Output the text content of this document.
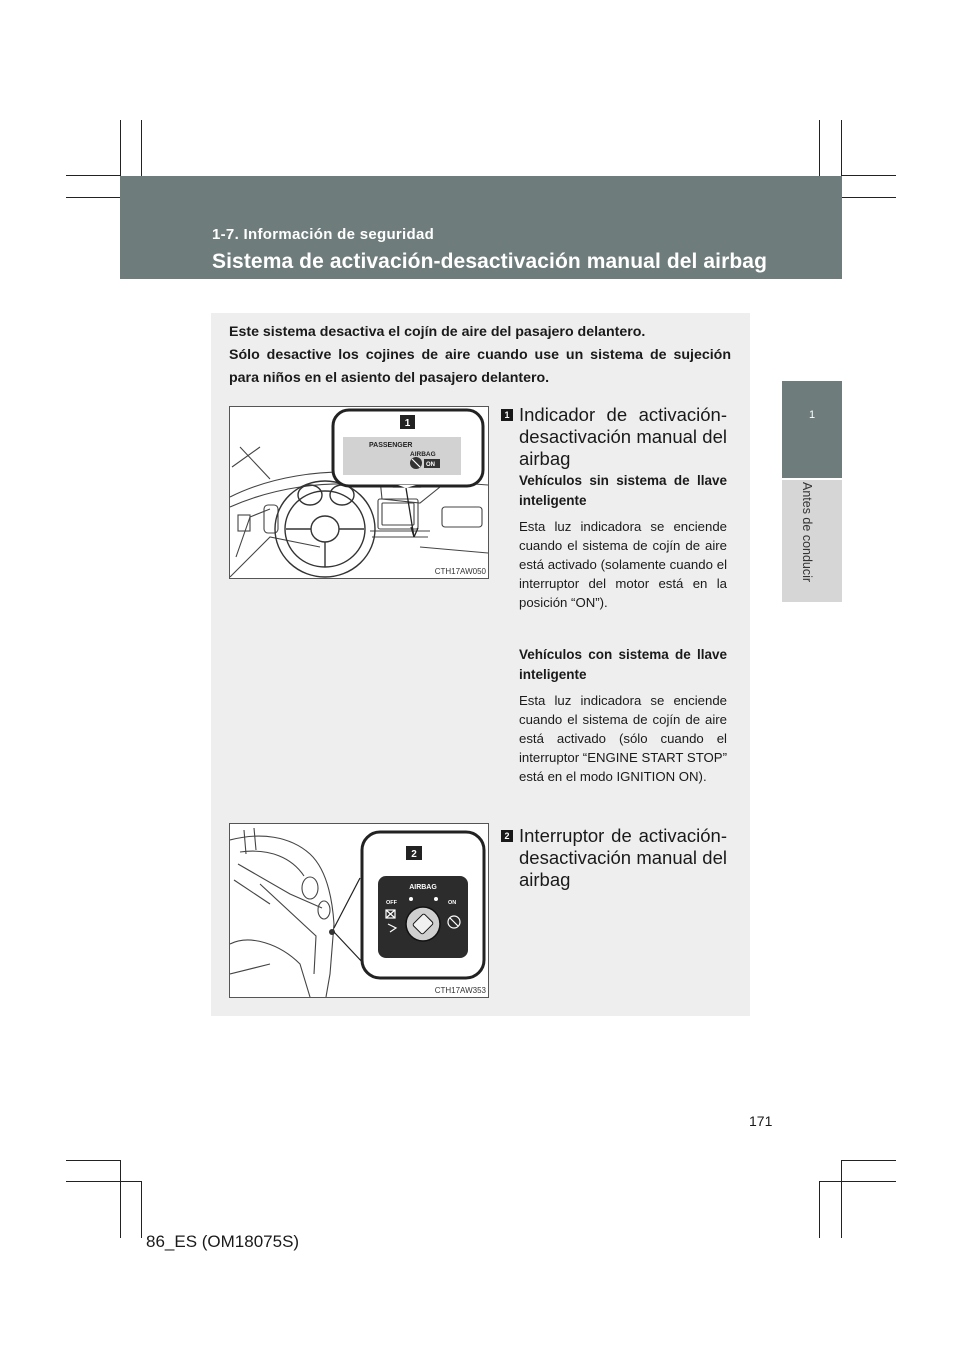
1-7. Información de seguridad
Sistema de activación-desactivación manual del airbag
1
Antes de conducir

Este sistema desactiva el cojín de aire del pasajero delantero.

Sólo desactive los cojines de aire cuando use un sistema de sujeción para niños en el asiento del pasajero delantero.

1
PASSENGER
AIRBAG
ON
CTH17AW050
1 Indicador de activación-desactivación manual del airbag
Vehículos sin sistema de llave inteligente
Esta luz indicadora se enciende cuando el sistema de cojín de aire está activado (solamente cuando el interruptor del motor está en la posición “ON”).
Vehículos con sistema de llave inteligente
Esta luz indicadora se enciende cuando el sistema de cojín de aire está activado (sólo cuando el interruptor “ENGINE START STOP” está en el modo IGNITION ON).
2
AIRBAG
OFF	ON
CTH17AW353
2 Interruptor de activación-desactivación manual del airbag
171
86_ES (OM18075S)
